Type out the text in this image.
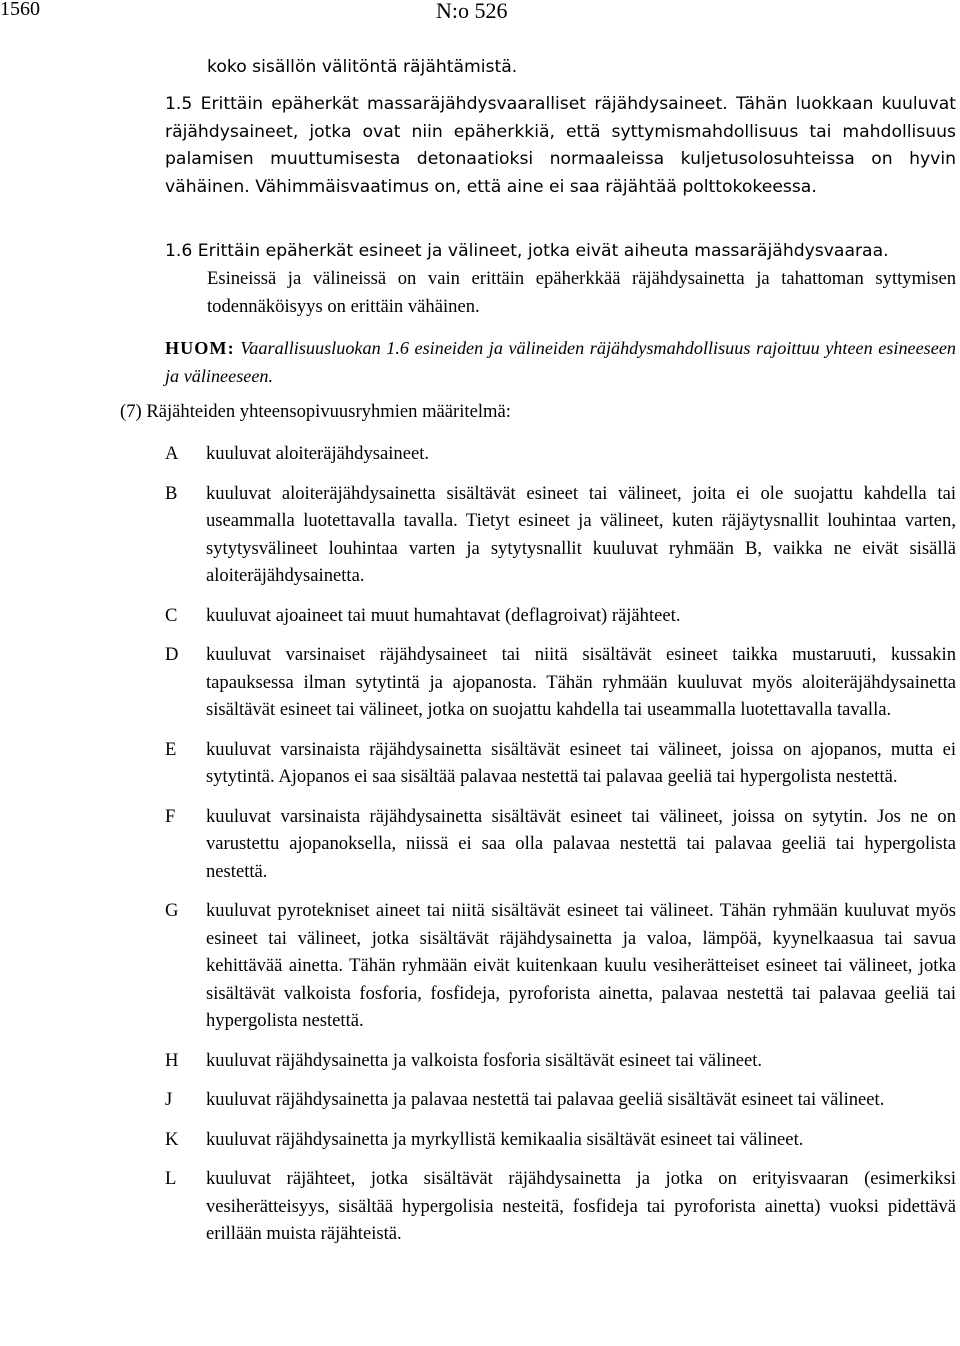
1560	N:o 526
koko sisällön välitöntä räjähtämistä.
1.5 Erittäin epäherkät massaräjähdysvaaralliset räjähdysaineet. Tähän luokkaan kuuluvat räjähdysaineet, jotka ovat niin epäherkkiä, että syttymismahdollisuus tai mahdollisuus palamisen muuttumisesta detonaatioksi normaaleissa kuljetusolosuhteissa on hyvin vähäinen. Vähimmäisvaatimus on, että aine ei saa räjähtää polttokokeessa.
1.6 Erittäin epäherkät esineet ja välineet, jotka eivät aiheuta massaräjähdysvaaraa.
Esineissä ja välineissä on vain erittäin epäherkkää räjähdysainetta ja tahattoman syttymisen todennäköisyys on erittäin vähäinen.
HUOM: Vaarallisuusluokan 1.6 esineiden ja välineiden räjähdysmahdollisuus rajoittuu yhteen esineeseen ja välineeseen.
(7) Räjähteiden yhteensopivuusryhmien määritelmä:
A	kuuluvat aloiteräjähdysaineet.
B	kuuluvat aloiteräjähdysainetta sisältävät esineet tai välineet, joita ei ole suojattu kahdella tai useammalla luotettavalla tavalla. Tietyt esineet ja välineet, kuten räjäytysnallit louhintaa varten, sytytysvälineet louhintaa varten ja sytytysnallit kuuluvat ryhmään B, vaikka ne eivät sisällä aloiteräjähdysainetta.
C	kuuluvat ajoaineet tai muut humahtavat (deflagroivat) räjähteet.
D	kuuluvat varsinaiset räjähdysaineet tai niitä sisältävät esineet taikka mustaruuti, kussakin tapauksessa ilman sytytintä ja ajopanosta. Tähän ryhmään kuuluvat myös aloiteräjähdysainetta sisältävät esineet tai välineet, jotka on suojattu kahdella tai useammalla luotettavalla tavalla.
E	kuuluvat varsinaista räjähdysainetta sisältävät esineet tai välineet, joissa on ajopanos, mutta ei sytytintä. Ajopanos ei saa sisältää palavaa nestettä tai palavaa geeliä tai hypergolista nestettä.
F	kuuluvat varsinaista räjähdysainetta sisältävät esineet tai välineet, joissa on sytytin. Jos ne on varustettu ajopanoksella, niissä ei saa olla palavaa nestettä tai palavaa geeliä tai hypergolista nestettä.
G	kuuluvat pyrotekniset aineet tai niitä sisältävät esineet tai välineet. Tähän ryhmään kuuluvat myös esineet tai välineet, jotka sisältävät räjähdysainetta ja valoa, lämpöä, kyynelkaasua tai savua kehittävää ainetta. Tähän ryhmään eivät kuitenkaan kuulu vesiherätteiset esineet tai välineet, jotka sisältävät valkoista fosforia, fosfideja, pyroforista ainetta, palavaa nestettä tai palavaa geeliä tai hypergolista nestettä.
H	kuuluvat räjähdysainetta ja valkoista fosforia sisältävät esineet tai välineet.
J	kuuluvat räjähdysainetta ja palavaa nestettä tai palavaa geeliä sisältävät esineet tai välineet.
K	kuuluvat räjähdysainetta ja myrkyllistä kemikaalia sisältävät esineet tai välineet.
L	kuuluvat räjähteet, jotka sisältävät räjähdysainetta ja jotka on erityisvaaran (esimerkiksi vesiherätteisyys, sisältää hypergolisia nesteitä, fosfideja tai pyroforista ainetta) vuoksi pidettävä erillään muista räjähteistä.
